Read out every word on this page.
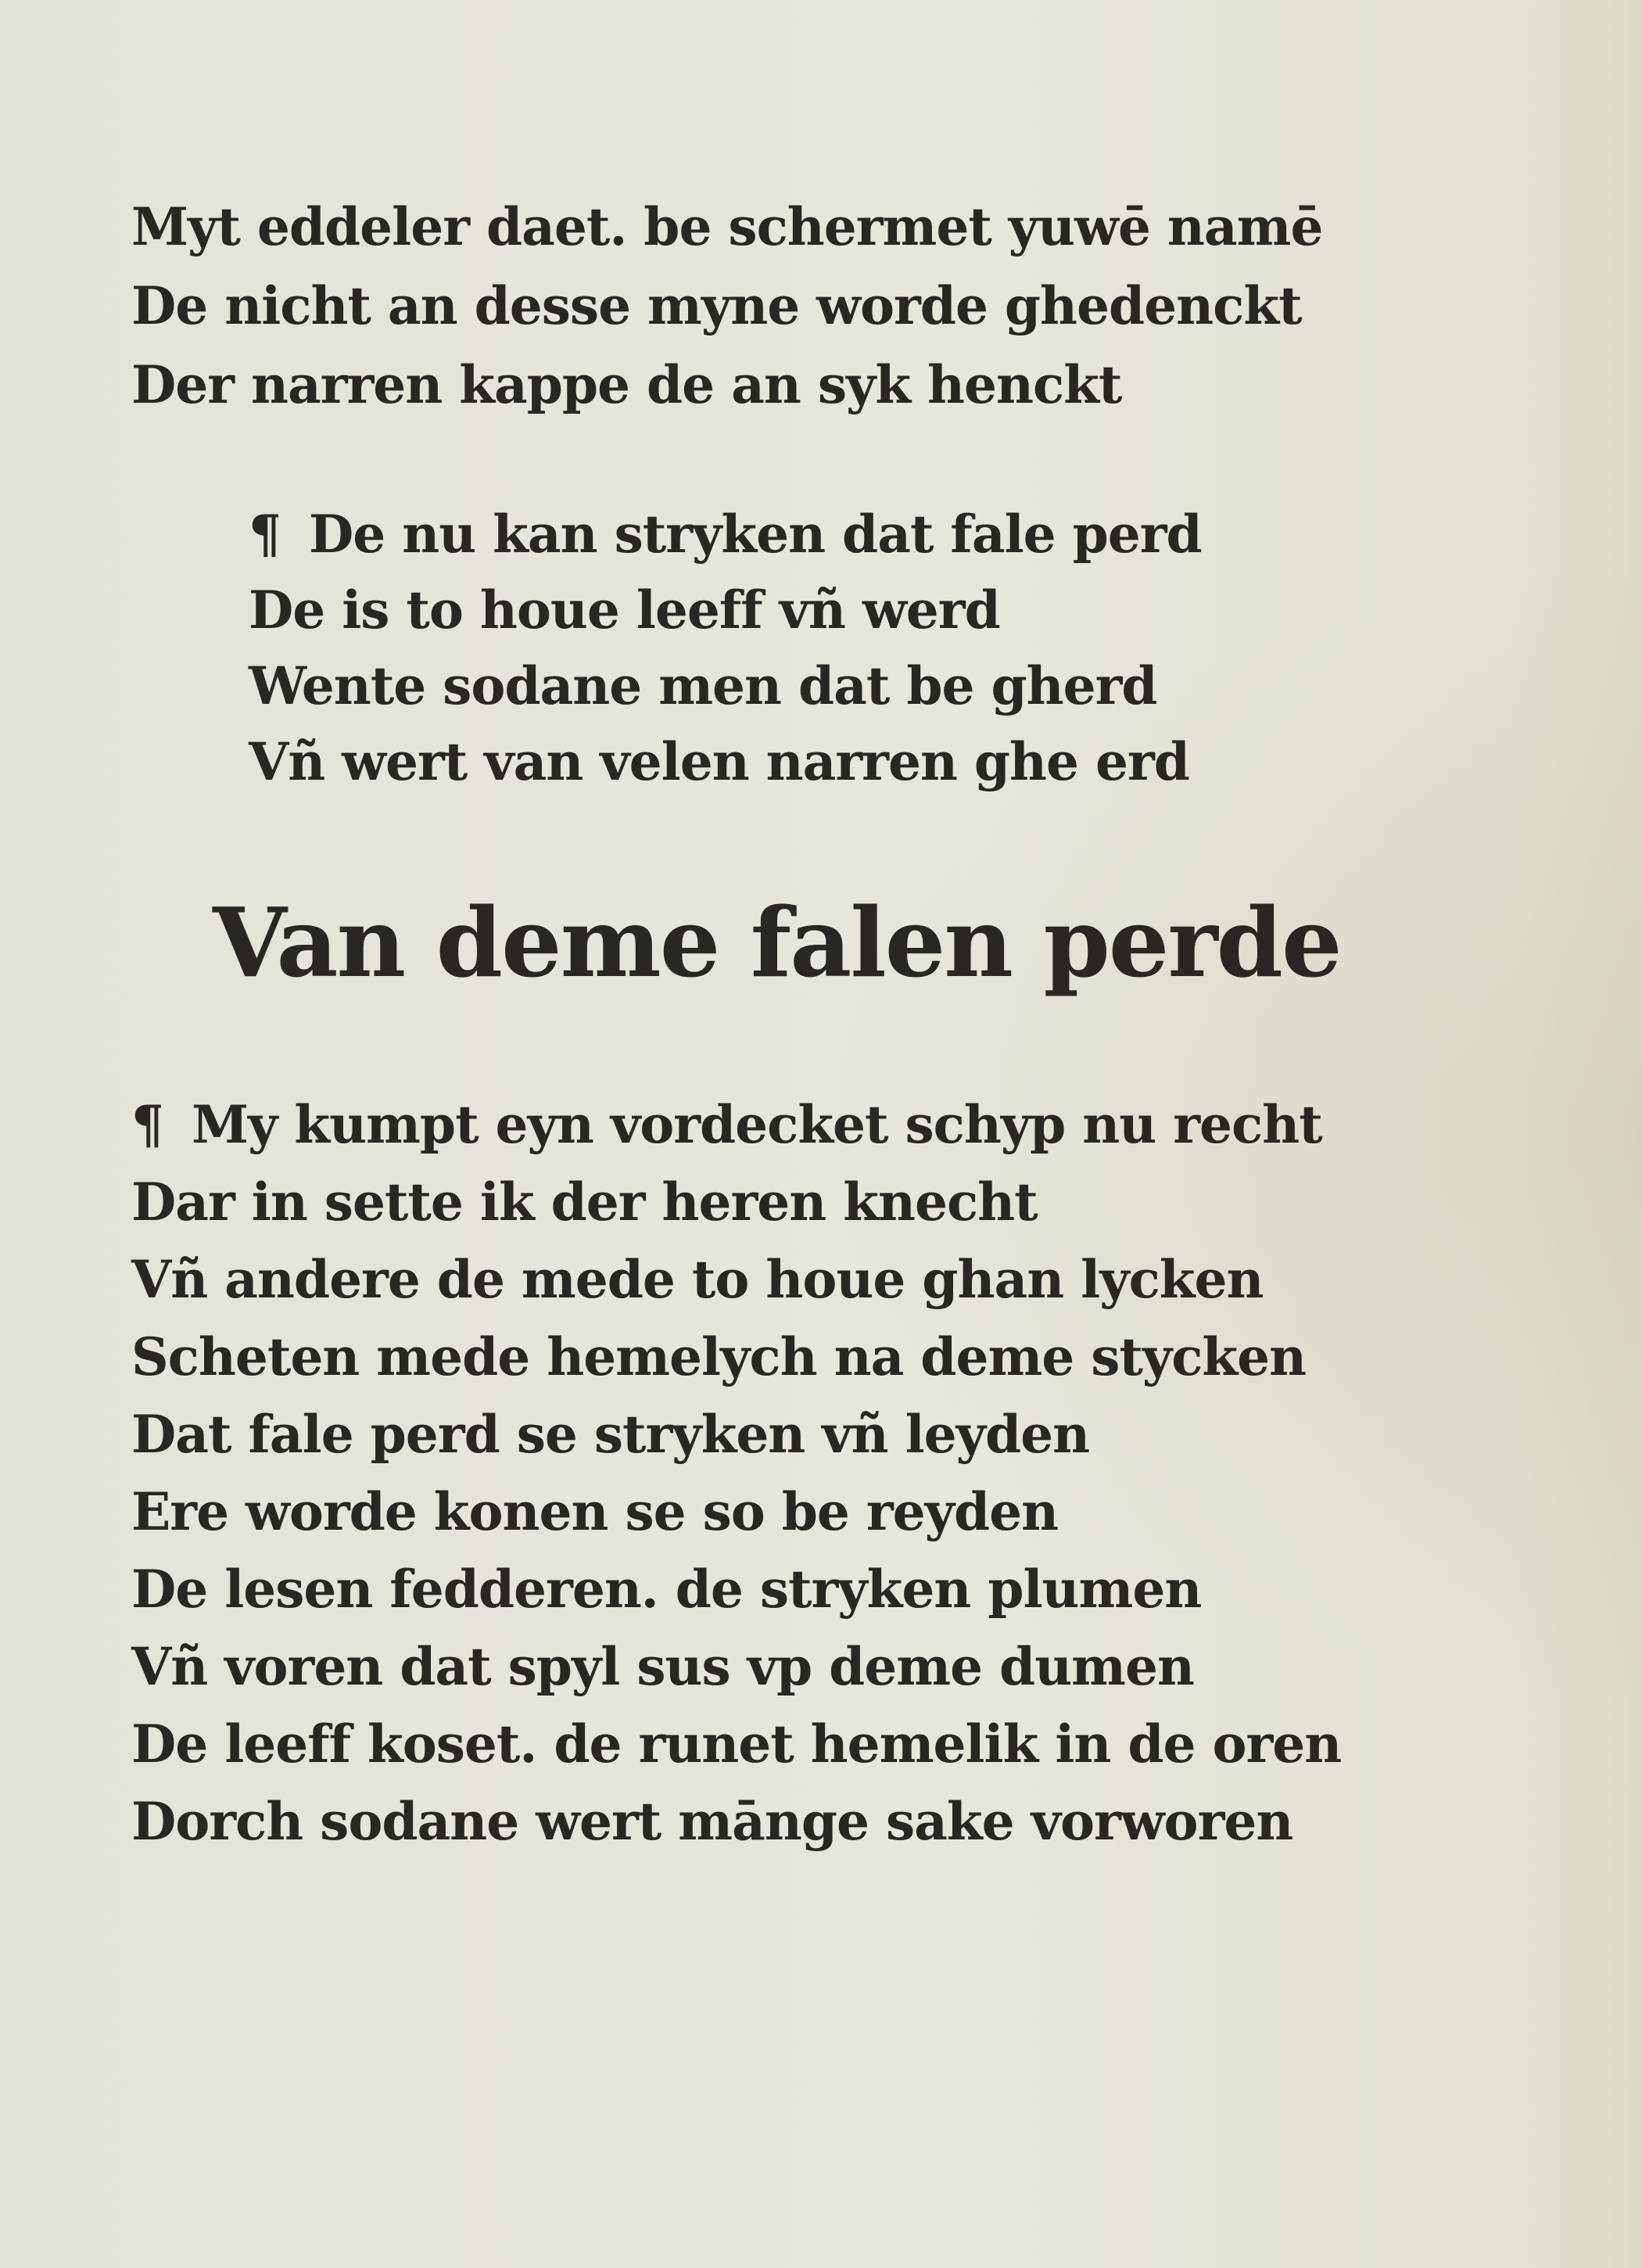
Myt eddeler daet. be schermet yuwē namē
De nicht an desse myne worde ghedenckt
Der narren kappe de an syk henckt
¶ De nu kan stryken dat fale perd
De is to houe leeff vñ werd
Wente sodane men dat be gherd
Vñ wert van velen narren ghe erd
Van deme falen perde
¶ My kumpt eyn vordecket schyp nu recht
Dar in sette ik der heren knecht
Vñ andere de mede to houe ghan lycken
Scheten mede hemelych na deme stycken
Dat fale perd se stryken vñ leyden
Ere worde konen se so be reyden
De lesen fedderen. de stryken plumen
Vñ voren dat spyl sus vp deme dumen
De leeff koset. de runet hemelik in de oren
Dorch sodane wert mānge sake vorworen
